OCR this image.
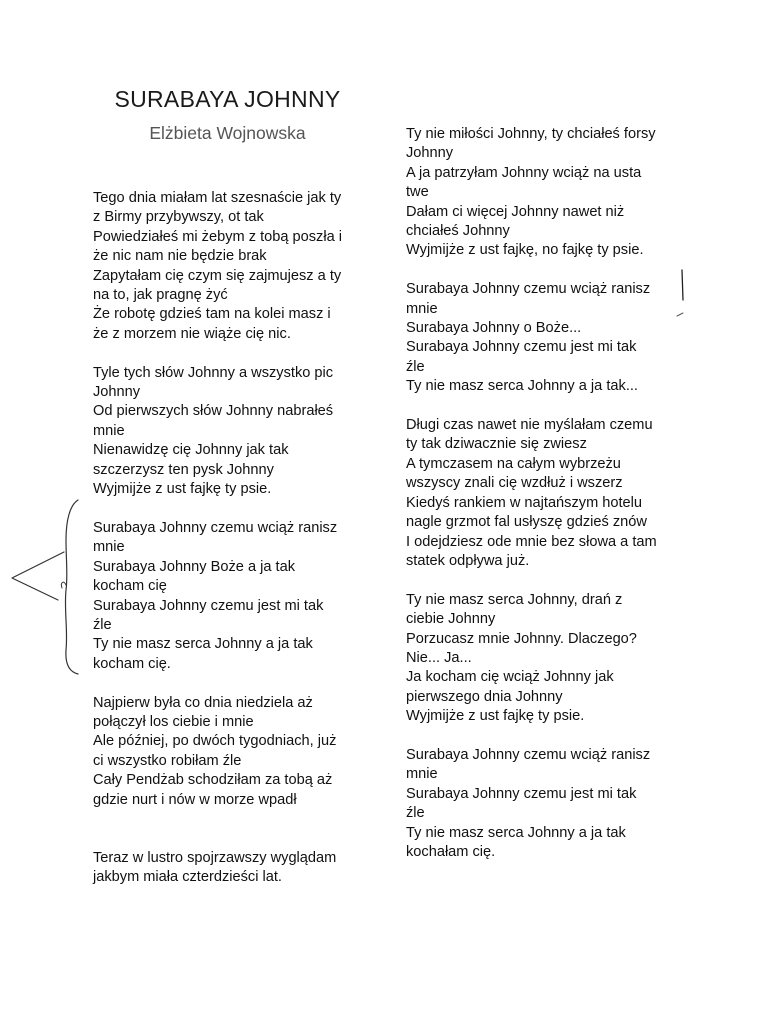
SURABAYA JOHNNY
Elżbieta Wojnowska
Tego dnia miałam lat szesnaście jak ty
z Birmy przybywszy, ot tak
Powiedziałeś mi żebym z tobą poszła i
że nic nam nie będzie brak
Zapytałam cię czym się zajmujesz a ty
na to, jak pragnę żyć
Że robotę gdzieś tam na kolei masz i
że z morzem nie wiąże cię nic.
Tyle tych słów Johnny a wszystko pic
Johnny
Od pierwszych słów Johnny nabrałeś
mnie
Nienawidzę cię Johnny jak tak
szczerzysz ten pysk Johnny
Wyjmijże z ust fajkę ty psie.
Surabaya Johnny czemu wciąż ranisz
mnie
Surabaya Johnny Boże a ja tak
kocham cię
Surabaya Johnny czemu jest mi tak
źle
Ty nie masz serca Johnny a ja tak
kocham cię.
Najpierw była co dnia niedziela aż
połączył los ciebie i mnie
Ale później, po dwóch tygodniach, już
ci wszystko robiłam źle
Cały Pendżab schodziłam za tobą aż
gdzie nurt i nów w morze wpadł
Teraz w lustro spojrzawszy wyglądam
jakbym miała czterdzieści lat.
Ty nie miłości Johnny, ty chciałeś forsy
Johnny
A ja patrzyłam Johnny wciąż na usta
twe
Dałam ci więcej Johnny nawet niż
chciałeś Johnny
Wyjmijże z ust fajkę, no fajkę ty psie.
Surabaya Johnny czemu wciąż ranisz
mnie
Surabaya Johnny o Boże...
Surabaya Johnny czemu jest mi tak
źle
Ty nie masz serca Johnny a ja tak...
Długi czas nawet nie myślałam czemu
ty tak dziwacznie się zwiesz
A tymczasem na całym wybrzeżu
wszyscy znali cię wzdłuż i wszerz
Kiedyś rankiem w najtańszym hotelu
nagle grzmot fal usłyszę gdzieś znów
I odejdziesz ode mnie bez słowa a tam
statek odpływa już.
Ty nie masz serca Johnny, drań z
ciebie Johnny
Porzucasz mnie Johnny. Dlaczego?
Nie... Ja...
Ja kocham cię wciąż Johnny jak
pierwszego dnia Johnny
Wyjmijże z ust fajkę ty psie.
Surabaya Johnny czemu wciąż ranisz
mnie
Surabaya Johnny czemu jest mi tak
źle
Ty nie masz serca Johnny a ja tak
kochałam cię.
